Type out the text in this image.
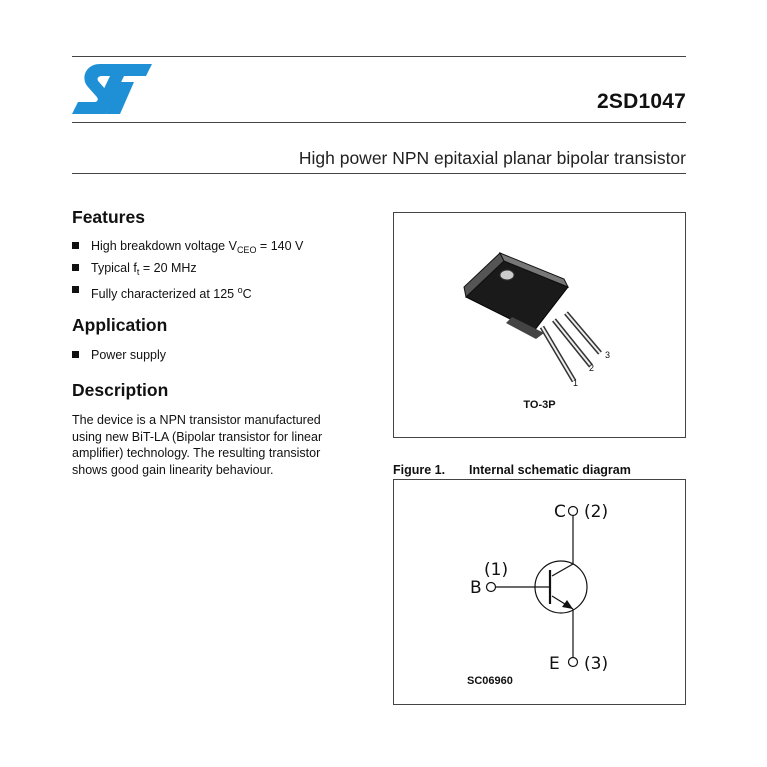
2SD1047
High power NPN epitaxial planar bipolar transistor
Features
High breakdown voltage $V_{CEO} = 140$ V
Typical $f_t = 20$ MHz
Fully characterized at 125 $^o$C
Application
Power supply
Description
The device is a NPN transistor manufactured using new BiT-LA (Bipolar transistor for linear amplifier) technology. The resulting transistor shows good gain linearity behaviour.
1
2
3
TO-3P
Figure 1. Internal schematic diagram
C (2)
(1)
B
E (3)
SC06960
